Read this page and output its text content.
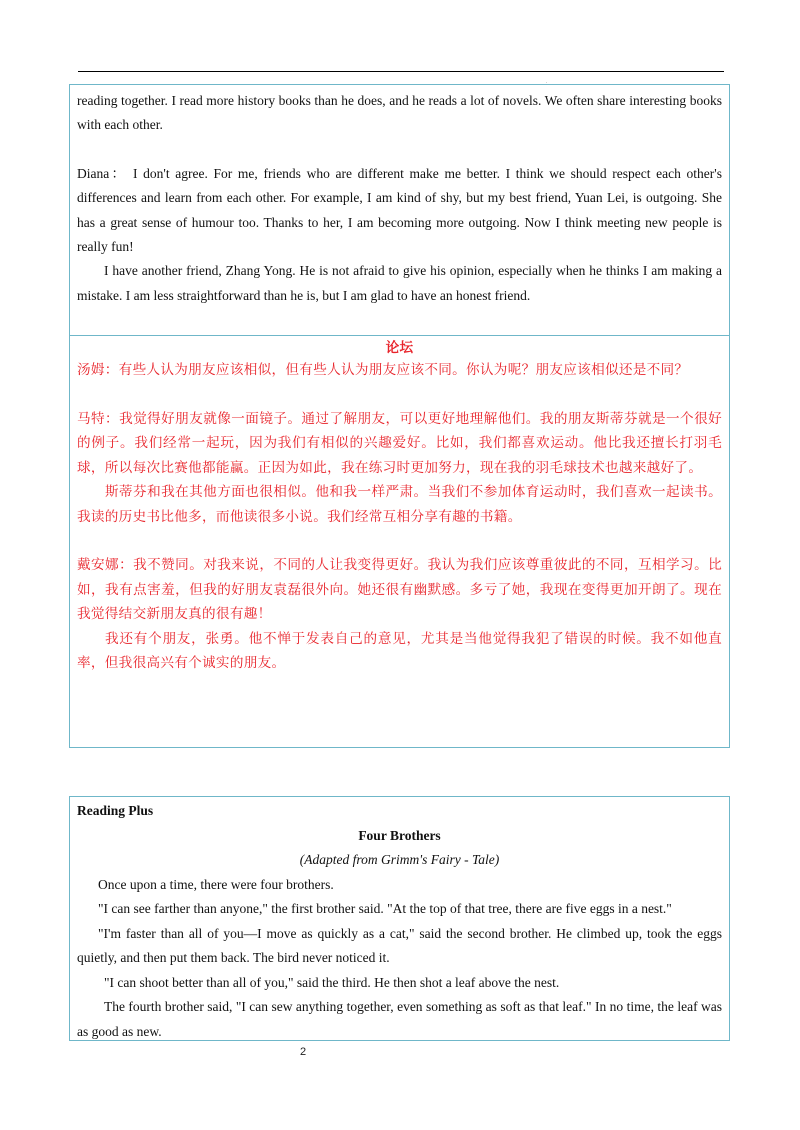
.

reading together. I read more history books than he does, and he reads a lot of novels. We often share interesting books with each other.

Diana： I don't agree. For me, friends who are different make me better. I think we should respect each other's differences and learn from each other. For example, I am kind of shy, but my best friend, Yuan Lei, is outgoing. She has a great sense of humour too. Thanks to her, I am becoming more outgoing. Now I think meeting new people is really fun!

I have another friend, Zhang Yong. He is not afraid to give his opinion, especially when he thinks I am making a mistake. I am less straightforward than he is, but I am glad to have an honest friend.

论坛

汤姆：有些人认为朋友应该相似，但有些人认为朋友应该不同。你认为呢？朋友应该相似还是不同？

马特：我觉得好朋友就像一面镜子。通过了解朋友，可以更好地理解他们。我的朋友斯蒂芬就是一个很好的例子。我们经常一起玩，因为我们有相似的兴趣爱好。比如，我们都喜欢运动。他比我还擅长打羽毛球，所以每次比赛他都能赢。正因为如此，我在练习时更加努力，现在我的羽毛球技术也越来越好了。

斯蒂芬和我在其他方面也很相似。他和我一样严肃。当我们不参加体育运动时，我们喜欢一起读书。我读的历史书比他多，而他读很多小说。我们经常互相分享有趣的书籍。

戴安娜：我不赞同。对我来说，不同的人让我变得更好。我认为我们应该尊重彼此的不同，互相学习。比如，我有点害羞，但我的好朋友袁磊很外向。她还很有幽默感。多亏了她，我现在变得更加开朗了。现在我觉得结交新朋友真的很有趣！

我还有个朋友，张勇。他不惮于发表自己的意见，尤其是当他觉得我犯了错误的时候。我不如他直率，但我很高兴有个诚实的朋友。

Reading Plus

Four Brothers

(Adapted from Grimm's Fairy - Tale)

Once upon a time, there were four brothers.

"I can see farther than anyone," the first brother said. "At the top of that tree, there are five eggs in a nest."

"I'm faster than all of you—I move as quickly as a cat," said the second brother. He climbed up, took the eggs quietly, and then put them back. The bird never noticed it.

"I can shoot better than all of you," said the third. He then shot a leaf above the nest.

The fourth brother said, "I can sew anything together, even something as soft as that leaf." In no time, the leaf was as good as new.

2
